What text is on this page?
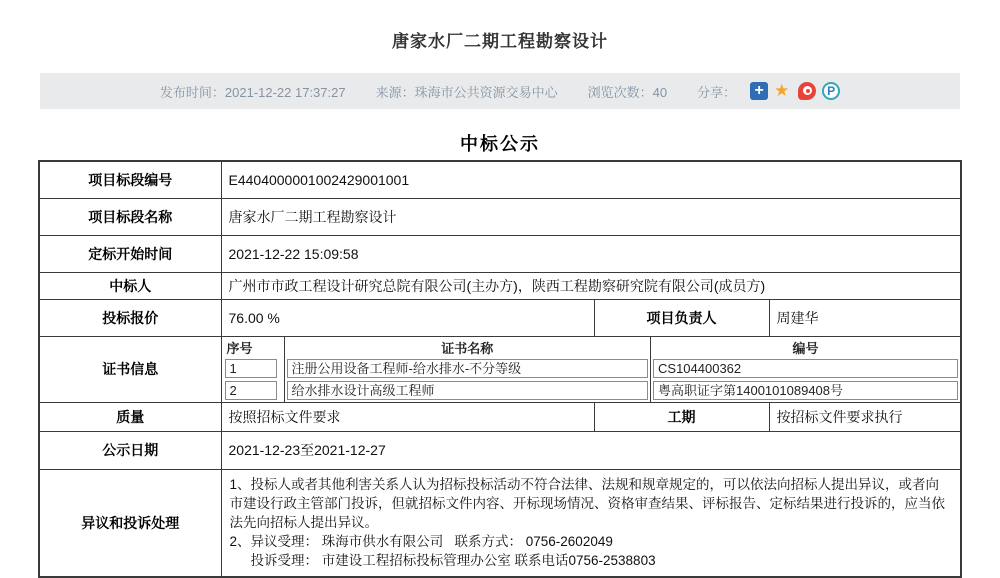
唐家水厂二期工程勘察设计
发布时间：2021-12-22 17:37:27 来源：珠海市公共资源交易中心 浏览次数：40 分享：
+
★
P
中标公示
项目标段编号	E4404000001002429001001		
项目标段名称	唐家水厂二期工程勘察设计		
定标开始时间	2021-12-22 15:09:58		
中标人	广州市市政工程设计研究总院有限公司(主办方)，陕西工程勘察研究院有限公司(成员方)		
投标报价	76.00 %	项目负责人	周建华
证书信息	
序号	证书名称	编号
1	注册公用设备工程师-给水排水-不分等级	CS104400362
2	给水排水设计高级工程师	粤高职证字第1400101089408号

质量	按照招标文件要求	工期	按招标文件要求执行
公示日期	2021-12-23至2021-12-27		
异议和投诉处理	1、投标人或者其他利害关系人认为招标投标活动不符合法律、法规和规章规定的，可以依法向招标人提出异议，或者向市建设行政主管部门投诉，但就招标文件内容、开标现场情况、资格审查结果、评标报告、定标结果进行投诉的，应当依法先向招标人提出异议。
2、异议受理： 珠海市供水有限公司   联系方式： 0756-2602049
投诉受理： 市建设工程招标投标管理办公室 联系电话0756-2538803		
